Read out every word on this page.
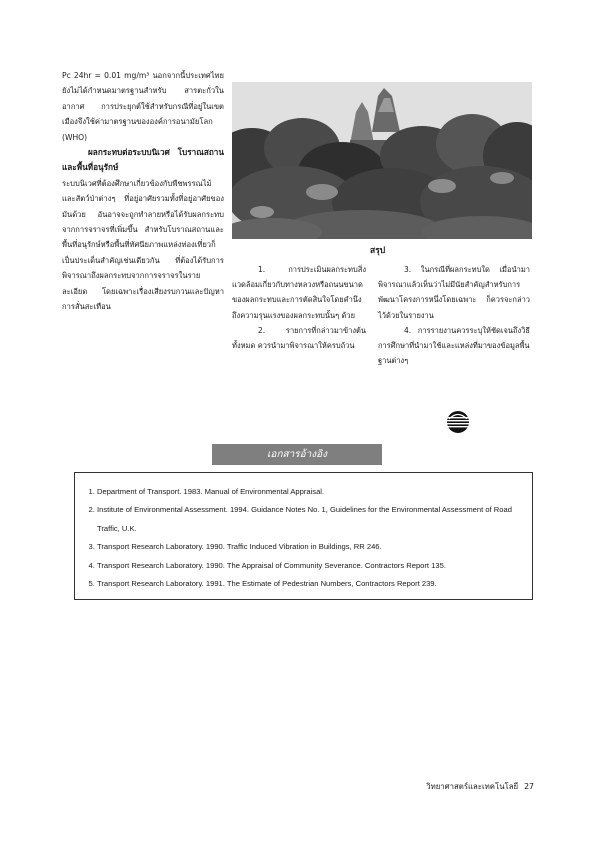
Pc 24hr = 0.01 mg/m³ นอกจากนี้ประเทศไทยยังไม่ได้กำหนดมาตรฐานสำหรับ สารตะกั่วในอากาศ การประยุกต์ใช้สำหรับกรณีที่อยู่ในเขตเมืองจึงใช้ค่ามาตรฐานขององค์การอนามัยโลก (WHO)

ผลกระทบต่อระบบนิเวศ โบราณสถานและพื้นที่อนุรักษ์

ระบบนิเวศที่ต้องศึกษาเกี่ยวข้องกับพืชพรรณไม้และสัตว์ป่าต่างๆ ที่อยู่อาศัยรวมทั้งที่อยู่อาศัยของมันด้วย อันอาจจะถูกทำลายหรือได้รับผลกระทบจากการจราจรที่เพิ่มขึ้น สำหรับโบราณสถานและพื้นที่อนุรักษ์หรือพื้นที่ทัศนียภาพแหล่งท่องเที่ยวก็เป็นประเด็นสำคัญเช่นเดียวกัน ที่ต้องได้รับการพิจารณาถึงผลกระทบจากการจราจรในรายละเอียด โดยเฉพาะเรื่องเสียงรบกวนและปัญหาการสั่นสะเทือน

สรุป

1. การประเมินผลกระทบสิ่งแวดล้อมเกี่ยวกับทางหลวงหรือถนนขนาดของผลกระทบและการตัดสินใจโดยคำนึงถึงความรุนแรงของผลกระทบนั้นๆ ด้วย

2. รายการที่กล่าวมาข้างต้นทั้งหมด ควรนำมาพิจารณาให้ครบถ้วน

3. ในกรณีที่ผลกระทบใด เมื่อนำมาพิจารณาแล้วเห็นว่าไม่มีนัยสำคัญสำหรับการพัฒนาโครงการหนึ่งโดยเฉพาะ ก็ควรจะกล่าวไว้ด้วยในรายงาน

4. การรายงานควรระบุให้ชัดเจนถึงวิธีการศึกษาที่นำมาใช้และแหล่งที่มาของข้อมูลพื้นฐานต่างๆ

เอกสารอ้างอิง
1. Department of Transport. 1983. Manual of Environmental Appraisal.
2. Institute of Environmental Assessment. 1994. Guidance Notes No. 1, Guidelines for the Environmental Assessment of Road Traffic, U.K.
3. Transport Research Laboratory. 1990. Traffic Induced Vibration in Buildings, RR 246.
4. Transport Research Laboratory. 1990. The Appraisal of Community Severance. Contractors Report 135.
5. Transport Research Laboratory. 1991. The Estimate of Pedestrian Numbers, Contractors Report 239.
วิทยาศาสตร์และเทคโนโลยี 27
